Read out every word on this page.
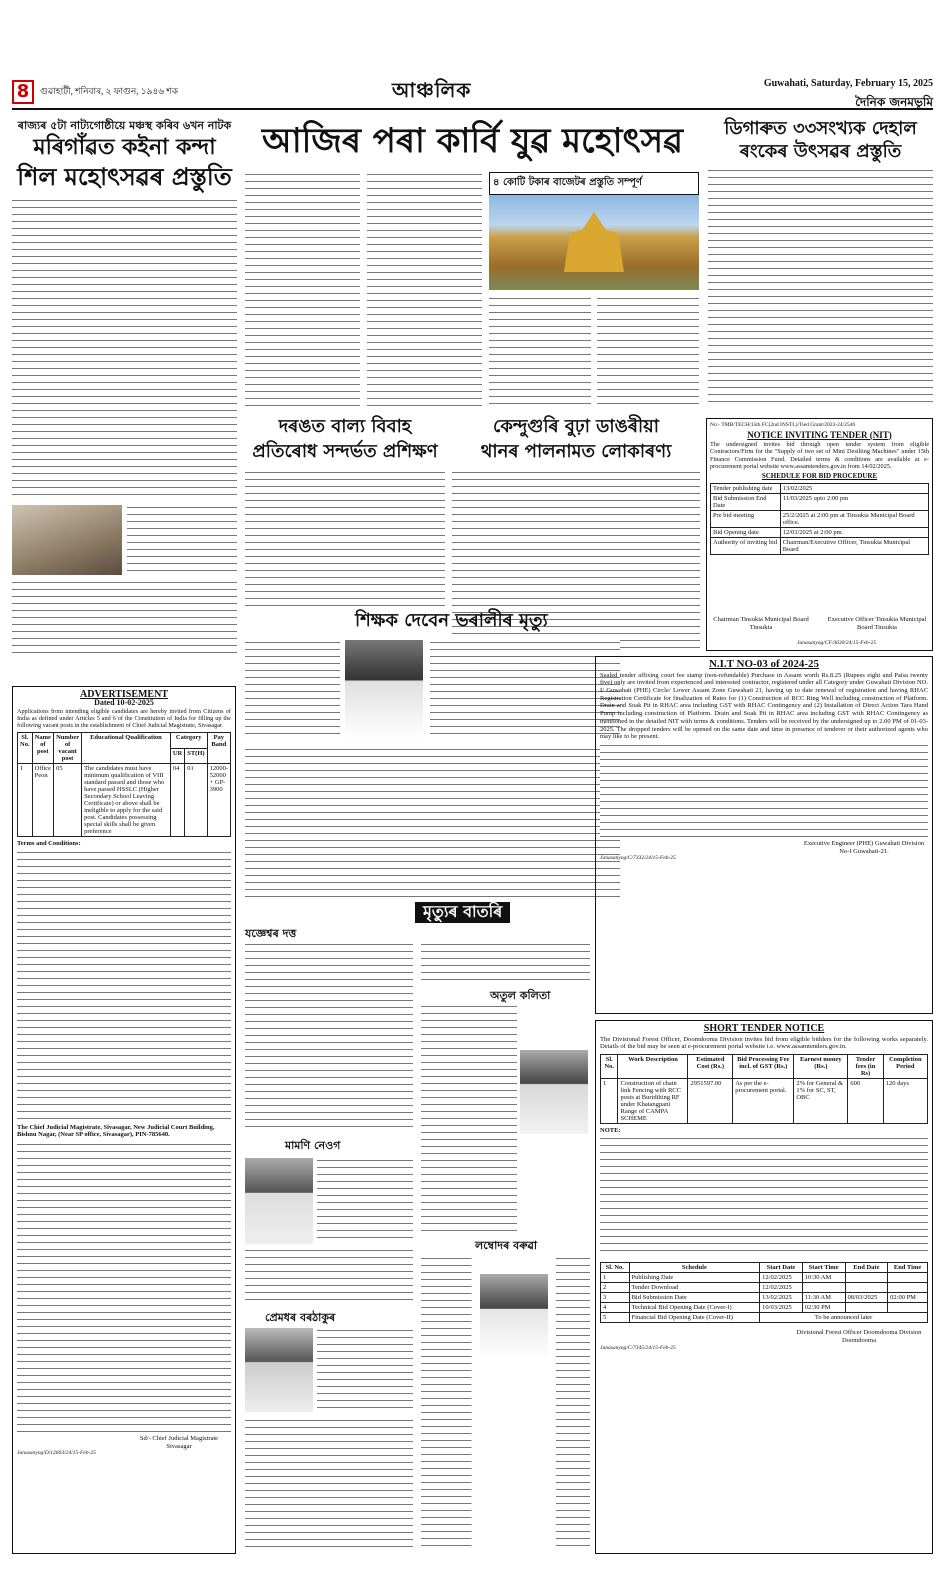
8	গুৱাহাটী, শনিবাৰ, ২ ফাগুন, ১৯৪৬ শক	আঞ্চলিক	Guwahati, Saturday, February 15, 2025
দৈনিক জনমভূমি
ৰাজ্যৰ ৫টা নাট্যগোষ্ঠীয়ে মঞ্চস্থ কৰিব ৬খন নাটক
মৰিগাঁৱত কইনা কন্দা
শিল মহোৎসৱৰ প্ৰস্তুতি
আজিৰ পৰা কাৰ্বি যুৱ মহোৎসৱ
৪ কোটি টকাৰ বাজেটৰ প্ৰস্তুতি সম্পূৰ্ণ
ডিগাৰুত ৩৩সংখ্যক দেহাল
ৰংকেৰ উৎসৱৰ প্ৰস্তুতি
দৰঙত বাল্য বিবাহ
প্ৰতিৰোধ সন্দৰ্ভত প্ৰশিক্ষণ
কেন্দুগুৰি বুঢ়া ডাঙৰীয়া
থানৰ পালনামত লোকাৰণ্য
শিক্ষক দেবেন ভৰালীৰ মৃত্যু
মৃত্যুৰ বাতৰি
যজ্ঞেশ্বৰ দত্ত
মামণি নেওগ
প্ৰেমধৰ বৰঠাকুৰ
অতুল কলিতা
লম্বোদৰ বৰুৱা
No:- TMB/TECH/15th FC(2nd INSTL)/Tied Grant/2023-24/2546
NOTICE INVITING TENDER (NIT)
The undersigned invites bid through open tender system from eligible Contractors/Firm for the "Supply of two set of Mini Desilting Machines" under 15th Finance Commission Fund. Detailed terms & conditions are available at e-procurement portal website www.assamtenders.gov.in from 14/02/2025.
SCHEDULE FOR BID PROCEDURE
Tender publishing date	13/02/2025
Bid Submission End Date	11/03/2025 upto 2:00 pm
Pre bid meeting	25/2/2025 at 2:00 pm at Tinsukia Municipal Board office.
Bid Opening date	12/03/2025 at 2:00 pm.
Authority of inviting bid	Chairman/Executive Officer, Tinsukia Municipal Board
Chairman Tinsukia Municipal Board Tinsukia
Executive Officer Tinsukia Municipal Board Tinsukia
Janasanyog/CF/3630/24/15-Feb-25
ADVERTISEMENT
Dated 10-02-2025
Applications from intending eligible candidates are hereby invited from Citizens of India as defined under Articles 5 and 6 of the Constitution of India for filling up the following vacant posts in the establishment of Chief Judicial Magistrate, Sivasagar.
Sl. No.	Name of post	Number of vacant post	Educational Qualification	Category		Pay Band
				UR	ST(H)	
1	Office Peon	05	The candidates must have minimum qualification of VIII standard passed and those who have passed HSSLC (Higher Secondary School Leaving Certificate) or above shall be ineligible to apply for the said post. Candidates possessing special skills shall be given preference	04	01	12000-52000 + GP- 3900
Terms and Conditions:
The Chief Judicial Magistrate, Sivasagar, New Judicial Court Building, Bishnu Nagar, (Near SP office, Sivasagar), PIN-785640.
Sd/- Chief Judicial Magistrate Sivasagar
Janasanyog/D/12603/24/15-Feb-25
N.I.T NO-03 of 2024-25
Sealed tender affixing court fee stamp (non-refundable) Purchase in Assam worth Rs.8.25 (Rupees eight and Paisa twenty five) only are invited from experienced and interested contractor, registered under all Category under Guwahati Division NO. I/ Guwahati (PHE) Circle/ Lower Assam Zone Guwahati 21, having up to date renewal of registration and having RHAC Registration Certificate for finalization of Rates for (1) Construction of RCC Ring Well including construction of Platform. Drain and Soak Pit in RHAC area including GST with RHAC Contingency and (2) Installation of Direct Action Tara Hand Pump including construction of Platform. Drain and Soak Pit in RHAC area including GST with RHAC Contingency as mentioned in the detailed NIT with terms & conditions. Tenders will be received by the undersigned up to 2.00 PM of 01-03-2025. The dropped tenders will be opened on the same date and time in presence of tenderer or their authorized agents who may like to be present.
Executive Engineer (PHE) Guwahati Division No-I Guwahati-21.
Janasanyog/C/7332/24/15-Feb-25
SHORT TENDER NOTICE
The Divisional Forest Officer, Doomdooma Division invites bid from eligible bidders for the following works separately. Details of the bid may be seen at e-procurement portal website i.e. www.assamtenders.gov.in.
Sl. No.	Work Description	Estimated Cost (Rs.)	Bid Processing Fee incl. of GST (Rs.)	Earnest money (Rs.)	Tender fees (in Rs)	Completion Period
1	Construction of chain link Fencing with RCC posts at Buridihing RF under Khatangpani Range of CAMPA SCHEME	2951597.00	As per the e-procurement portal.	2% for General & 1% for SC, ST, OBC	600	120 days
NOTE:
Sl. No.	Schedule	Start Date	Start Time	End Date	End Time
1	Publishing Date	12/02/2025	10:30 AM		
2	Tender Download	12/02/2025			
3	Bid Submission Date	13/02/2025	11:30 AM	08/03/2025	02:00 PM
4	Technical Bid Opening Date (Cover-I)	10/03/2025	02:30 PM		
5	Financial Bid Opening Date (Cover-II)	To be announced later			
Divisional Forest Officer Doomdooma Division Doomdooma
Janasanyog/C/7345/24/15-Feb-25
